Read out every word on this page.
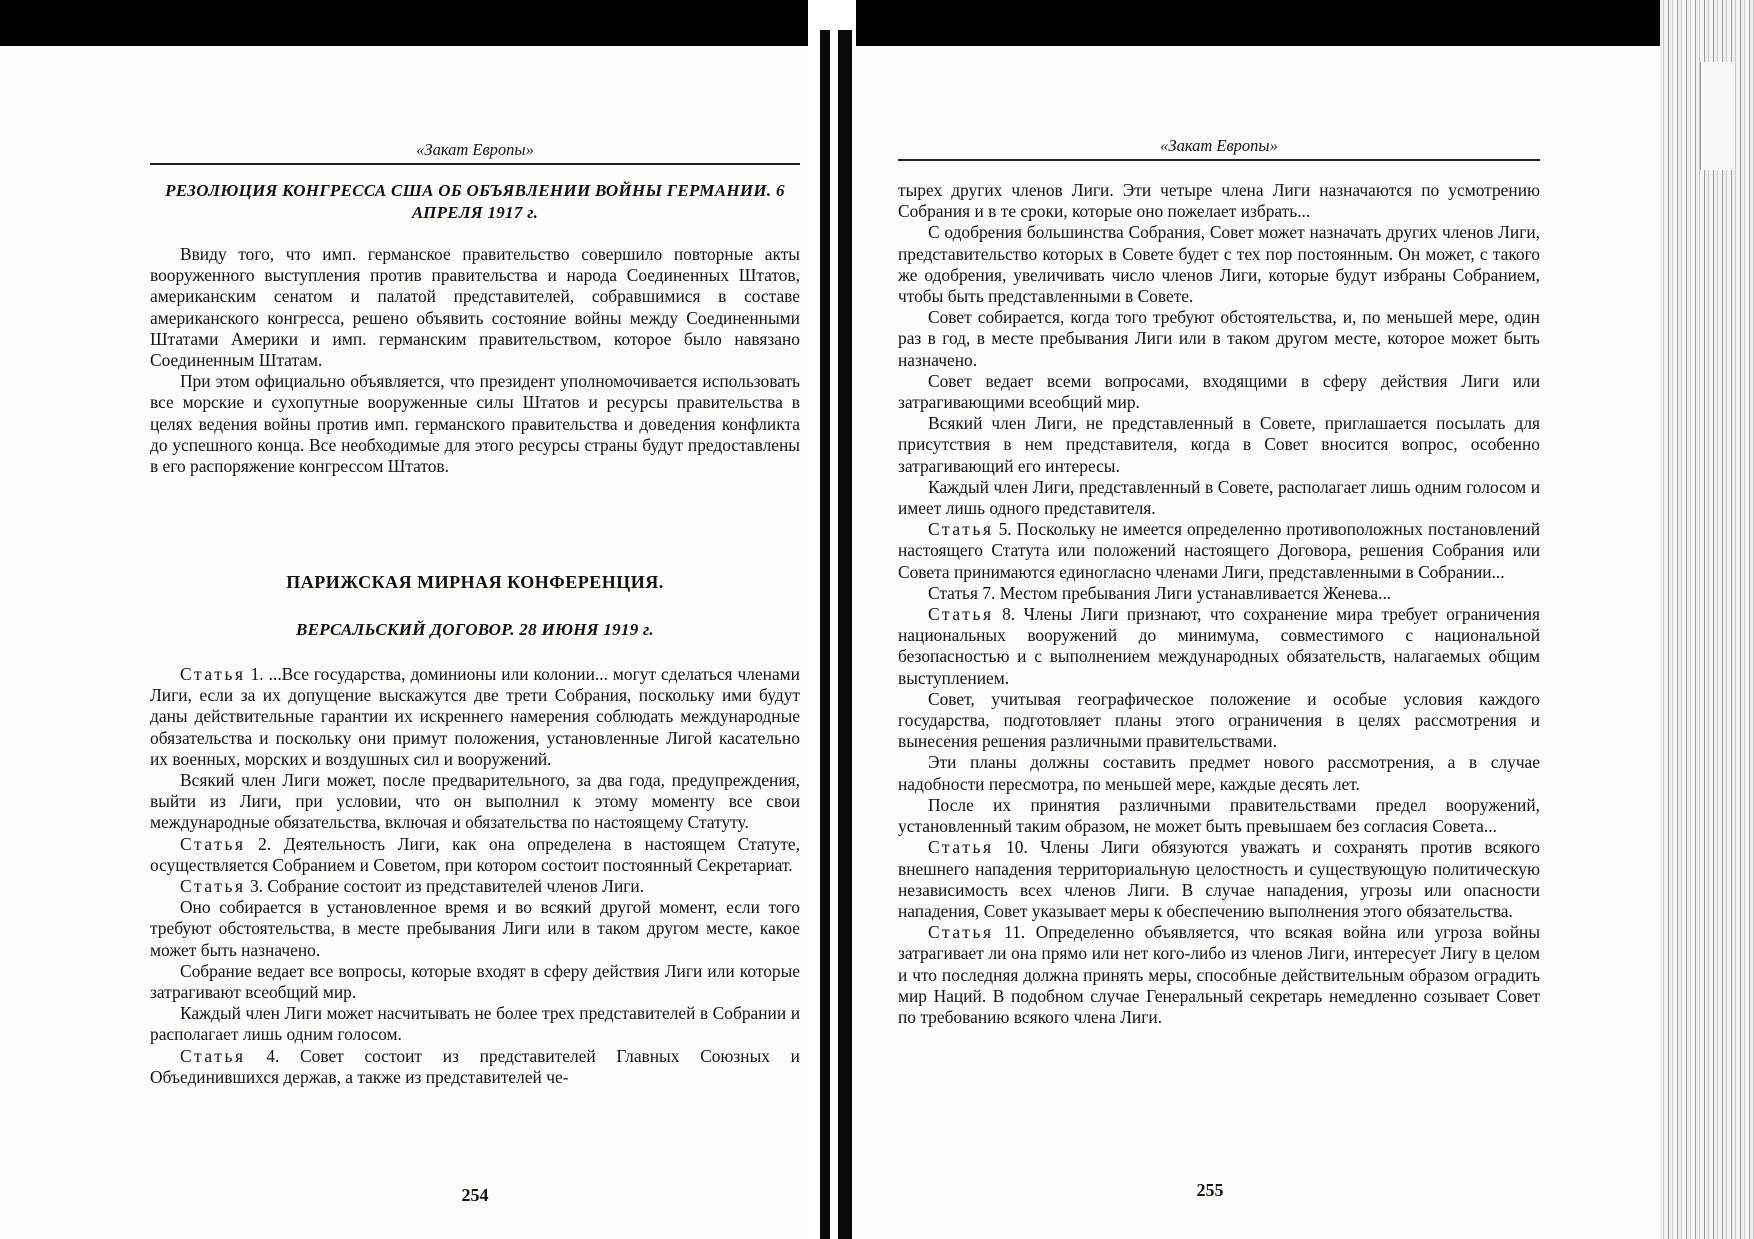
«Закат Европы»
РЕЗОЛЮЦИЯ КОНГРЕССА США ОБ ОБЪЯВЛЕНИИ ВОЙНЫ ГЕРМАНИИ. 6 АПРЕЛЯ 1917 г.

Ввиду того, что имп. германское правительство совершило повторные акты вооруженного выступления против правительства и народа Соединенных Штатов, американским сенатом и палатой представителей, собравшимися в составе американского конгресса, решено объявить состояние войны между Соединенными Штатами Америки и имп. германским правительством, которое было навязано Соединенным Штатам.

При этом официально объявляется, что президент уполномочивается использовать все морские и сухопутные вооруженные силы Штатов и ресурсы правительства в целях ведения войны против имп. германского правительства и доведения конфликта до успешного конца. Все необходимые для этого ресурсы страны будут предоставлены в его распоряжение конгрессом Штатов.

ПАРИЖСКАЯ МИРНАЯ КОНФЕРЕНЦИЯ.
ВЕРСАЛЬСКИЙ ДОГОВОР. 28 ИЮНЯ 1919 г.

Статья 1. ...Все государства, доминионы или колонии... могут сделаться членами Лиги, если за их допущение выскажутся две трети Собрания, поскольку ими будут даны действительные гарантии их искреннего намерения соблюдать международные обязательства и поскольку они примут положения, установленные Лигой касательно их военных, морских и воздушных сил и вооружений.

Всякий член Лиги может, после предварительного, за два года, предупреждения, выйти из Лиги, при условии, что он выполнил к этому моменту все свои международные обязательства, включая и обязательства по настоящему Статуту.

Статья 2. Деятельность Лиги, как она определена в настоящем Статуте, осуществляется Собранием и Советом, при котором состоит постоянный Секретариат.

Статья 3. Собрание состоит из представителей членов Лиги.

Оно собирается в установленное время и во всякий другой момент, если того требуют обстоятельства, в месте пребывания Лиги или в таком другом месте, какое может быть назначено.

Собрание ведает все вопросы, которые входят в сферу действия Лиги или которые затрагивают всеобщий мир.

Каждый член Лиги может насчитывать не более трех представителей в Собрании и располагает лишь одним голосом.

Статья 4. Совет состоит из представителей Главных Союзных и Объединившихся держав, а также из представителей че-

254
«Закат Европы»

тырех других членов Лиги. Эти четыре члена Лиги назначаются по усмотрению Собрания и в те сроки, которые оно пожелает избрать...

С одобрения большинства Собрания, Совет может назначать других членов Лиги, представительство которых в Совете будет с тех пор постоянным. Он может, с такого же одобрения, увеличивать число членов Лиги, которые будут избраны Собранием, чтобы быть представленными в Совете.

Совет собирается, когда того требуют обстоятельства, и, по меньшей мере, один раз в год, в месте пребывания Лиги или в таком другом месте, которое может быть назначено.

Совет ведает всеми вопросами, входящими в сферу действия Лиги или затрагивающими всеобщий мир.

Всякий член Лиги, не представленный в Совете, приглашается посылать для присутствия в нем представителя, когда в Совет вносится вопрос, особенно затрагивающий его интересы.

Каждый член Лиги, представленный в Совете, располагает лишь одним голосом и имеет лишь одного представителя.

Статья 5. Поскольку не имеется определенно противоположных постановлений настоящего Статута или положений настоящего Договора, решения Собрания или Совета принимаются единогласно членами Лиги, представленными в Собрании...

Статья 7. Местом пребывания Лиги устанавливается Женева...

Статья 8. Члены Лиги признают, что сохранение мира требует ограничения национальных вооружений до минимума, совместимого с национальной безопасностью и с выполнением международных обязательств, налагаемых общим выступлением.

Совет, учитывая географическое положение и особые условия каждого государства, подготовляет планы этого ограничения в целях рассмотрения и вынесения решения различными правительствами.

Эти планы должны составить предмет нового рассмотрения, а в случае надобности пересмотра, по меньшей мере, каждые десять лет.

После их принятия различными правительствами предел вооружений, установленный таким образом, не может быть превышаем без согласия Совета...

Статья 10. Члены Лиги обязуются уважать и сохранять против всякого внешнего нападения территориальную целостность и существующую политическую независимость всех членов Лиги. В случае нападения, угрозы или опасности нападения, Совет указывает меры к обеспечению выполнения этого обязательства.

Статья 11. Определенно объявляется, что всякая война или угроза войны затрагивает ли она прямо или нет кого-либо из членов Лиги, интересует Лигу в целом и что последняя должна принять меры, способные действительным образом оградить мир Наций. В подобном случае Генеральный секретарь немедленно созывает Совет по требованию всякого члена Лиги.

255
